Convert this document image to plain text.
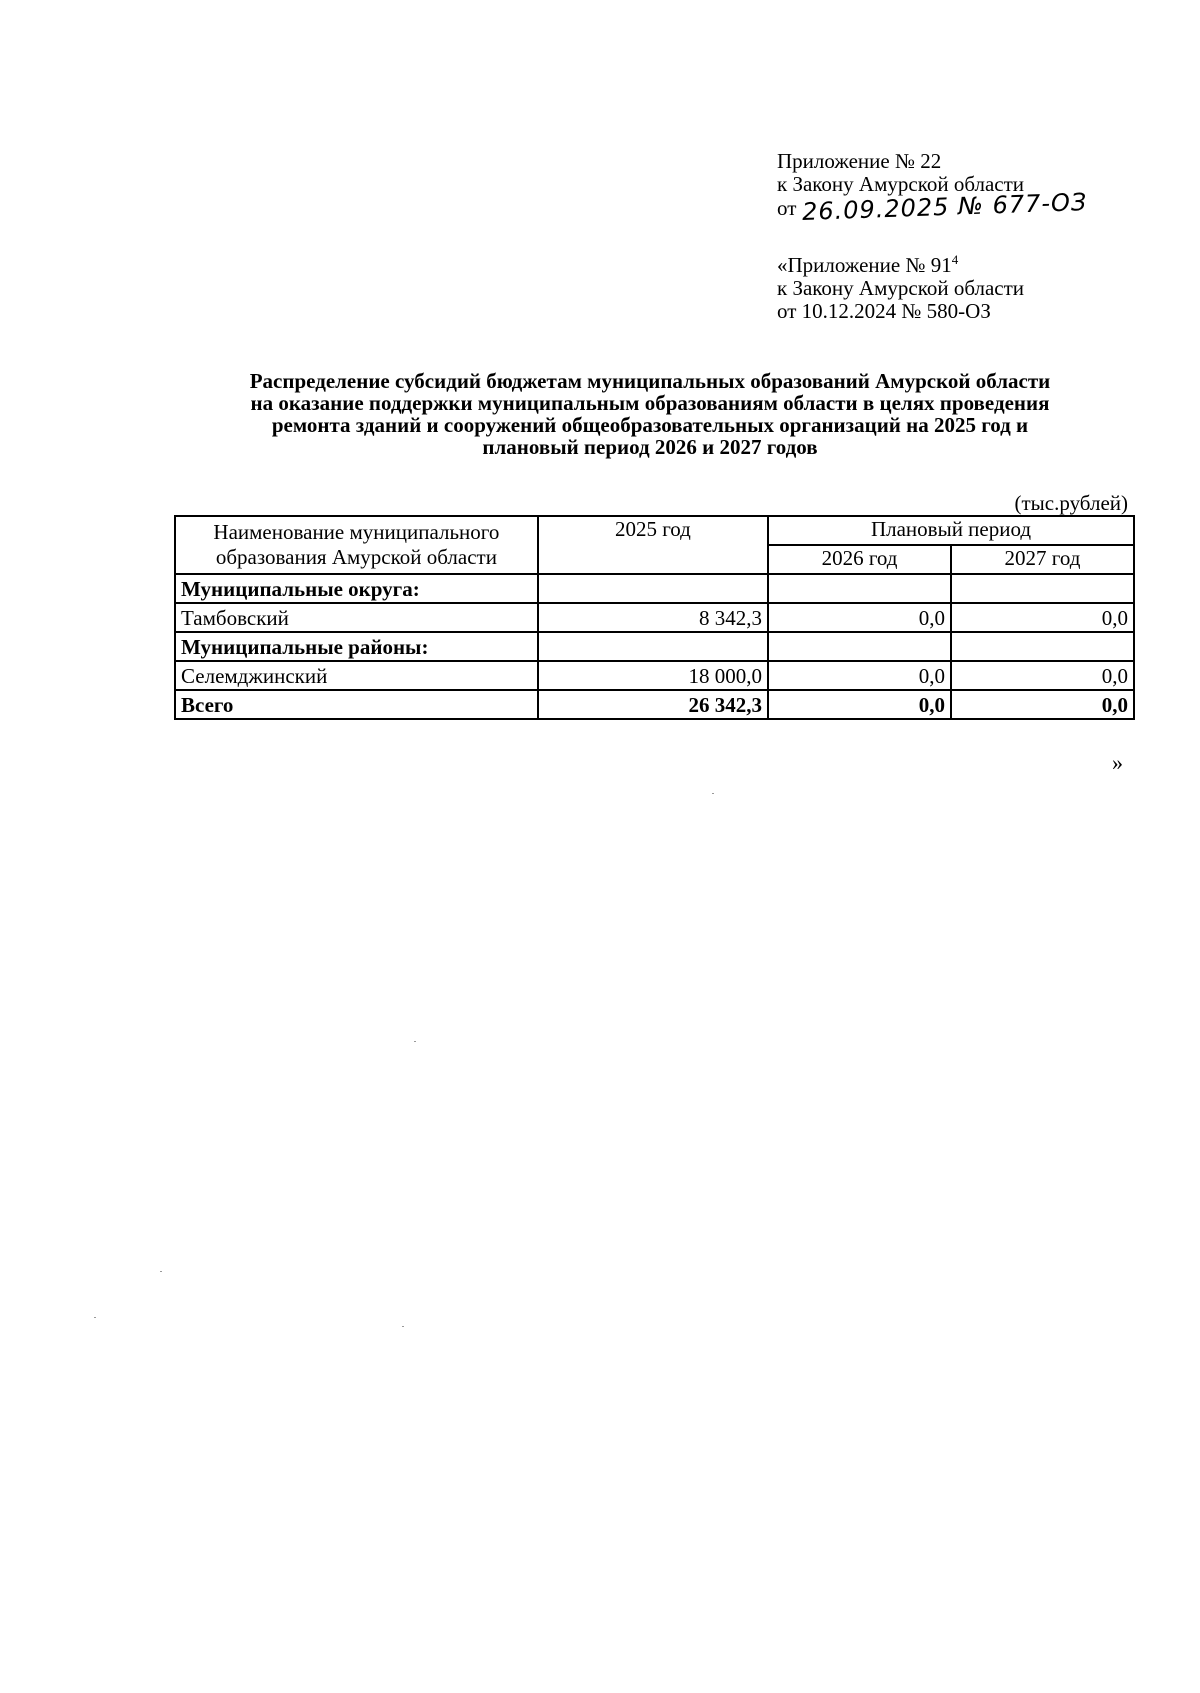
Приложение № 22
к Закону Амурской области
от 26.09.2025 № 677-ОЗ
«Приложение № $91^4$
к Закону Амурской области
от 10.12.2024 № 580-ОЗ
Распределение субсидий бюджетам муниципальных образований Амурской области
на оказание поддержки муниципальным образованиям области в целях проведения
ремонта зданий и сооружений общеобразовательных организаций на 2025 год и
плановый период 2026 и 2027 годов
(тыс.рублей)
Наименование муниципального
образования Амурской области	2025 год	Плановый период	
		2026 год	2027 год
Муниципальные округа:			
Тамбовский	8 342,3	0,0	0,0
Муниципальные районы:			
Селемджинский	18 000,0	0,0	0,0
Всего	26 342,3	0,0	0,0
»
